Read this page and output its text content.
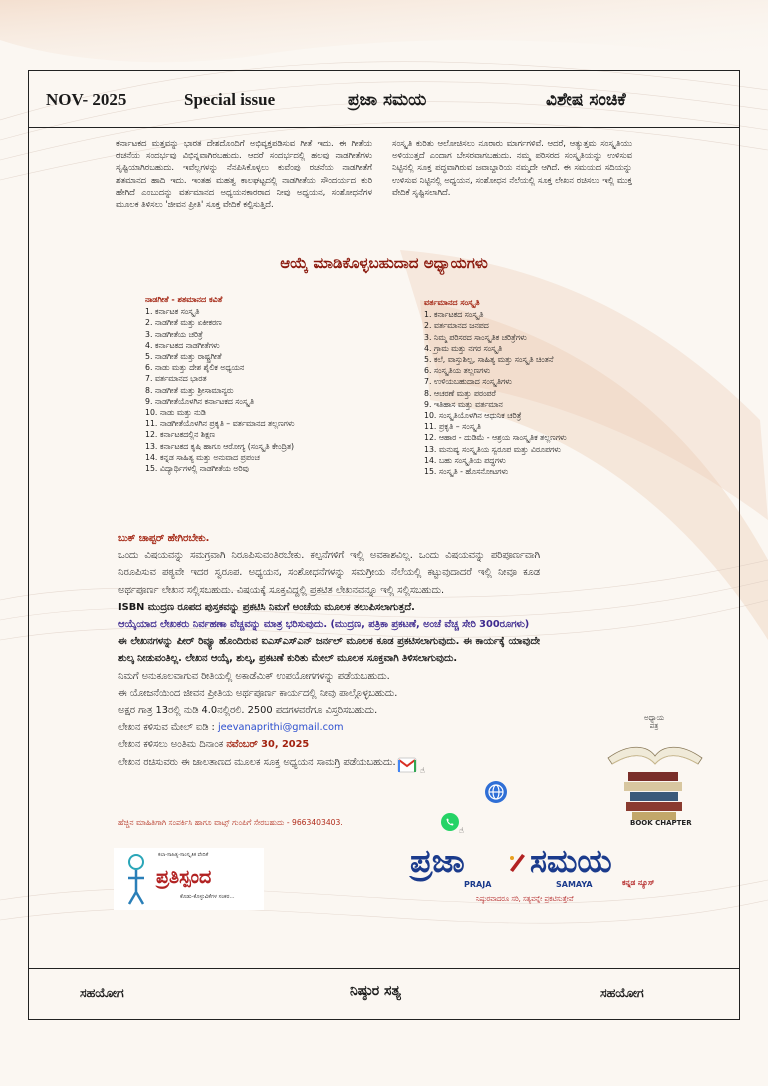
NOV- 2025	Special issue	ಪ್ರಜಾ ಸಮಯ	ವಿಶೇಷ ಸಂಚಿಕೆ
ಕರ್ನಾಟಕದ ಮತ್ತವನ್ನು ಭಾರತ ದೇಶದೊಂದಿಗೆ ಅಭಿವ್ಯಕ್ತಪಡಿಸುವ ಗೀತೆ ಇದು. ಈ ಗೀತೆಯ ರಚನೆಯ ಸಂದರ್ಭವು ವಿಭಿನ್ನವಾಗಿರಬಹುದು. ಆದರೆ ಸಂದರ್ಭದಲ್ಲಿ ಹಲವು ನಾಡಗೀತೆಗಳು ಸೃಷ್ಟಿಯಾಗಿರಬಹುದು. ಇವೆಲ್ಲಗಳನ್ನು ನೆನಪಿಸಿಕೊಳ್ಳಲು ಕುವೆಂಪು ರಚನೆಯ ನಾಡಗೀತೆಗೆ ಶತಮಾನದ ಹಾದಿ ಇದು. ಇಂತಹ ಮಹತ್ವ ಕಾಲಘಟ್ಟದಲ್ಲಿ ನಾಡಗೀತೆಯ ಸೌಂದರ್ಯದ ಕುರಿ ಹೇಗಿದೆ ಎಂಬುದನ್ನು ವರ್ತಮಾನದ ಅಧ್ಯಯನಕಾರರಾದ ನೀವು ಅಧ್ಯಯನ, ಸಂಶೋಧನೆಗಳ ಮೂಲಕ ತಿಳಿಸಲು 'ಜೀವನ ಪ್ರೀತಿ' ಸೂಕ್ತ ವೇದಿಕೆ ಕಲ್ಪಿಸುತ್ತಿದೆ.
ಸಂಸ್ಕೃತಿ ಕುರಿತು ಆಲೋಚಿಸಲು ನೂರಾರು ಮಾರ್ಗಗಳಿವೆ. ಆದರೆ, ಆತ್ಯುತ್ತಮ ಸಂಸ್ಕೃತಿಯು ಅಳಿಯುತ್ತದೆ ಎಂದಾಗ ಬೇಸರವಾಗಬಹುದು. ನಮ್ಮ ಪರಿಸರದ ಸಂಸ್ಕೃತಿಯನ್ನು ಉಳಿಸುವ ನಿಟ್ಟಿನಲ್ಲಿ ಸೂಕ್ತ ಪದ್ಧವಾಗಿರುವ ಜವಾಬ್ದಾರಿಯ ನಮ್ಮದೇ ಆಗಿದೆ. ಈ ಸಮಯದ ಸದಿಯನ್ನು ಉಳಿಸುವ ನಿಟ್ಟಿನಲ್ಲಿ ಅಧ್ಯಯನ, ಸಂಶೋಧನ ನೆಲೆಯಲ್ಲಿ ಸೂಕ್ತ ಲೇಖನ ರಚಿಸಲು ಇಲ್ಲಿ ಮುಕ್ತ ವೇದಿಕೆ ಸೃಷ್ಟಿಸಲಾಗಿದೆ.
ಆಯ್ಕೆ ಮಾಡಿಕೊಳ್ಳಬಹುದಾದ ಅಧ್ಯಾಯಗಳು
ನಾಡಗೀತೆ - ಶತಮಾನದ ಕವಿತೆ
1. ಕರ್ನಾಟಕ ಸಂಸ್ಕೃತಿ
2. ನಾಡಗೀತೆ ಮತ್ತು ಏಕೀಕರಣ
3. ನಾಡಗೀತೆಯ ಚರಿತ್ರೆ
4. ಕರ್ನಾಟಕದ ನಾಡಗೀತೆಗಳು
5. ನಾಡಗೀತೆ ಮತ್ತು ರಾಷ್ಟ್ರಗೀತೆ
6. ನಾಡು ಮತ್ತು ದೇಶ ಶೈಲಿಕ ಅಧ್ಯಯನ
7. ವರ್ತಮಾನದ ಭಾರತ
8. ನಾಡಗೀತೆ ಮತ್ತು ಶ್ರೀಸಾಮಾನ್ಯರು
9. ನಾಡಗೀತೆಯೊಳಗಿನ ಕರ್ನಾಟಕದ ಸಂಸ್ಕೃತಿ
10. ನಾಡು ಮತ್ತು ನುಡಿ
11. ನಾಡಗೀತೆಯೊಳಗಿನ ಪ್ರಕೃತಿ – ವರ್ತಮಾನದ ತಲ್ಲಣಗಳು
12. ಕರ್ನಾಟಕದಲ್ಲಿನ ಶಿಕ್ಷಣ
13. ಕರ್ನಾಟಕದ ಕೃಷಿ ಹಾಗೂ ಆರೋಗ್ಯ (ಸಂಸ್ಕೃತಿ ಕೇಂದ್ರಿತ)
14. ಕನ್ನಡ ಸಾಹಿತ್ಯ ಮತ್ತು ಅನುವಾದ ಪ್ರಪಂಚ
15. ವಿದ್ಯಾರ್ಥಿಗಳಲ್ಲಿ ನಾಡಗೀತೆಯ ಅರಿವು
ವರ್ತಮಾನದ ಸಂಸ್ಕೃತಿ
1. ಕರ್ನಾಟಕದ ಸಂಸ್ಕೃತಿ
2. ವರ್ತಮಾನದ ಜನಪದ
3. ನಿಮ್ಮ ಪರಿಸರದ ಸಾಂಸ್ಕೃತಿಕ ಚರಿತ್ರೆಗಳು
4. ಗ್ರಾಮ ಮತ್ತು ನಗರ ಸಂಸ್ಕೃತಿ
5. ಕಲೆ, ವಾಸ್ತುಶಿಲ್ಪ, ಸಾಹಿತ್ಯ ಮತ್ತು ಸಂಸ್ಕೃತಿ ಚಿಂತನೆ
6. ಸಂಸ್ಕೃತಿಯ ತಲ್ಲಣಗಳು
7. ಉಳಿಯಬಹುದಾದ ಸಂಸ್ಕೃತಿಗಳು
8. ಆಚರಣೆ ಮತ್ತು ಪರಂಪರೆ
9. ಇತಿಹಾಸ ಮತ್ತು ವರ್ತಮಾನ
10. ಸಂಸ್ಕೃತಿಯೊಳಗಿನ ಆಧುನಿಕ ಚರಿತ್ರೆ
11. ಪ್ರಕೃತಿ – ಸಂಸ್ಕೃತಿ
12. ಆಹಾರ - ದುಡಿಮೆ - ಆಶ್ರಯ ಸಾಂಸ್ಕೃತಿಕ ತಲ್ಲಣಗಳು
13. ಮನುಷ್ಯ ಸಂಸ್ಕೃತಿಯ ಸ್ವರೂಪ ಮತ್ತು ವಿರೂಪಗಳು
14. ಬಹು ಸಂಸ್ಕೃತಿಯ ಪದ್ಧಗಳು
15. ಸಂಸ್ಕೃತಿ - ಹೊಸನೋಟಗಳು
ಬುಕ್ ಚಾಪ್ಟರ್ ಹೇಗಿರಬೇಕು.
ಒಂದು ವಿಷಯವನ್ನು ಸಮಗ್ರವಾಗಿ ನಿರೂಪಿಸುವಂತಿರಬೇಕು. ಕಲ್ಪನೆಗಳಿಗೆ ಇಲ್ಲಿ ಅವಕಾಶವಿಲ್ಲ. ಒಂದು ವಿಷಯವನ್ನು ಪರಿಪೂರ್ಣವಾಗಿ ನಿರೂಪಿಸುವ ಪಠ್ಯವೇ ಇದರ ಸ್ವರೂಪ. ಅಧ್ಯಯನ, ಸಂಶೋಧನೆಗಳನ್ನು ಸಮಗ್ರೀಯ ನೆಲೆಯಲ್ಲಿ ಕಟ್ಟುವುದಾದರೆ ಇಲ್ಲಿ ನೀವೂ ಕೂಡ ಅರ್ಥಪೂರ್ಣ ಲೇಖನ ಸಲ್ಲಿಸಬಹುದು. ವಿಷಯಕ್ಕೆ ಸೂಕ್ತವಿದ್ದಲ್ಲಿ ಪ್ರಕಟಿತ ಲೇಖನವನ್ನೂ ಇಲ್ಲಿ ಸಲ್ಲಿಸಬಹುದು.
ISBN ಮುದ್ರಣ ರೂಪದ ಪುಸ್ತಕವನ್ನು ಪ್ರಕಟಿಸಿ ನಿಮಗೆ ಅಂಚೆಯ ಮೂಲಕ ತಲುಪಿಸಲಾಗುತ್ತದೆ.
ಆಯ್ಕೆಯಾದ ಲೇಖಕರು ನಿರ್ವಹಣಾ ವೆಚ್ಚವನ್ನು ಮಾತ್ರ ಭರಿಸುವುದು. (ಮುದ್ರಣ, ಪತ್ರಿಕಾ ಪ್ರಕಟಣೆ, ಅಂಚೆ ವೆಚ್ಚ ಸೇರಿ 300ರೂಗಳು)
ಈ ಲೇಖನಗಳನ್ನು ಪೀರ್ ರಿವ್ಯೂ ಹೊಂದಿರುವ ಐಎಸ್ಎಸ್ಎನ್ ಜರ್ನಲ್ ಮೂಲಕ ಕೂಡ ಪ್ರಕಟಿಸಲಾಗುವುದು. ಈ ಕಾರ್ಯಕ್ಕೆ ಯಾವುದೇ ಶುಲ್ಕ ನೀಡುವಂತಿಲ್ಲ. ಲೇಖನ ಆಯ್ಕೆ, ಶುಲ್ಕ, ಪ್ರಕಟಣೆ ಕುರಿತು ಮೇಲ್ ಮೂಲಕ ಸೂಕ್ತವಾಗಿ ತಿಳಿಸಲಾಗುವುದು.
ನಿಮಗೆ ಅನುಕೂಲವಾಗುವ ರೀತಿಯಲ್ಲಿ ಅಕಾಡೆಮಿಕ್ ಉಪಯೋಗಗಳನ್ನು ಪಡೆಯಬಹುದು.
ಈ ಯೋಜನೆಯಿಂದ ಜೀವನ ಪ್ರೀತಿಯ ಅರ್ಥಪೂರ್ಣ ಕಾರ್ಯದಲ್ಲಿ ನೀವು ಪಾಲ್ಗೊಳ್ಳಬಹುದು.
ಅಕ್ಷರ ಗಾತ್ರ 13ರಲ್ಲಿ ನುಡಿ 4.0ನಲ್ಲಿರಲಿ. 2500 ಪದಗಳವರೆಗೂ ವಿಸ್ತರಿಸಬಹುದು.
ಲೇಖನ ಕಳಿಸುವ ಮೇಲ್ ಐಡಿ : jeevanaprithi@gmail.com
ಲೇಖನ ಕಳಿಸಲು ಅಂತಿಮ ದಿನಾಂಕ ನವೆಂಬರ್ 30, 2025
ಲೇಖನ ರಚಿಸುವರು ಈ ಜಾಲತಾಣದ ಮೂಲಕ ಸೂಕ್ತ ಅಧ್ಯಯನ ಸಾಮಗ್ರಿ ಪಡೆಯಬಹುದು.
ಹೆಚ್ಚಿನ ಮಾಹಿತಿಗಾಗಿ ಸಂಪರ್ಕಿಸಿ ಹಾಗೂ ವಾಟ್ಸ್ ಗುಂಪಿಗೆ ಸೇರಬಹುದು - 9663403403.
☝
☝
ಅಧ್ಯಾಯ ಪತ್ರ
BOOK CHAPTER
ಕಲಾ-ಸಾಹಿತ್ಯ-ಸಾಂಸ್ಕೃತಿಕ ವೇದಿಕೆ
ಪ್ರತಿಸ್ಪಂದ
ಕೊಡು-ಕೊಳ್ಳುವಿಕೆಗಳ ಸಂಕರ...
ಪ್ರಜಾ ಸಮಯ
PRAJA	SAMAYA	ಕನ್ನಡ ನ್ಯೂಸ್
ನಿಷ್ಠುರವಾದರೂ ಸರಿ, ಸತ್ಯವನ್ನೇ ಪ್ರಕಟಿಸುತ್ತೇವೆ
ಸಹಯೋಗ	ನಿಷ್ಠುರ ಸತ್ಯ	ಸಹಯೋಗ
